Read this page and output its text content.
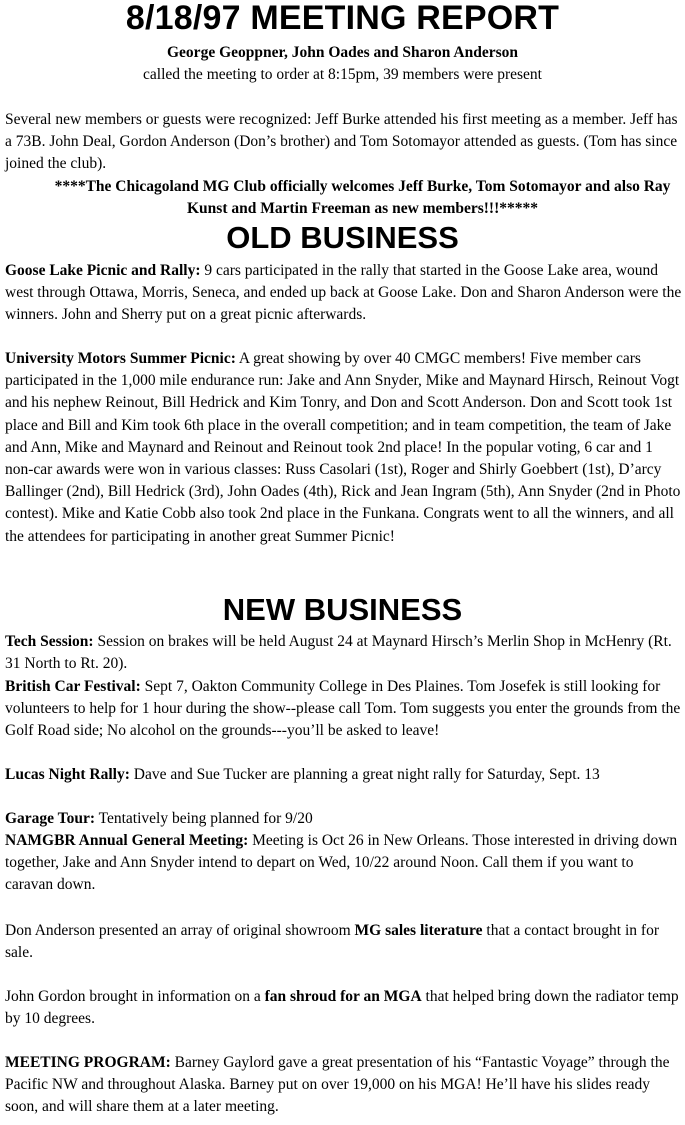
8/18/97 MEETING REPORT

George Geoppner, John Oades and Sharon Anderson

called the meeting to order at 8:15pm, 39 members were present

Several new members or guests were recognized: Jeff Burke attended his first meeting as a member. Jeff has a 73B. John Deal, Gordon Anderson (Don’s brother) and Tom Sotomayor attended as guests. (Tom has since joined the club).

****The Chicagoland MG Club officially welcomes Jeff Burke, Tom Sotomayor and also Ray Kunst and Martin Freeman as new members!!!*****

OLD BUSINESS

Goose Lake Picnic and Rally: 9 cars participated in the rally that started in the Goose Lake area, wound west through Ottawa, Morris, Seneca, and ended up back at Goose Lake. Don and Sharon Anderson were the winners. John and Sherry put on a great picnic afterwards.

University Motors Summer Picnic: A great showing by over 40 CMGC members! Five member cars participated in the 1,000 mile endurance run: Jake and Ann Snyder, Mike and Maynard Hirsch, Reinout Vogt and his nephew Reinout, Bill Hedrick and Kim Tonry, and Don and Scott Anderson. Don and Scott took 1st place and Bill and Kim took 6th place in the overall competition; and in team competition, the team of Jake and Ann, Mike and Maynard and Reinout and Reinout took 2nd place! In the popular voting, 6 car and 1 non-car awards were won in various classes: Russ Casolari (1st), Roger and Shirly Goebbert (1st), D’arcy Ballinger (2nd), Bill Hedrick (3rd), John Oades (4th), Rick and Jean Ingram (5th), Ann Snyder (2nd in Photo contest). Mike and Katie Cobb also took 2nd place in the Funkana. Congrats went to all the winners, and all the attendees for participating in another great Summer Picnic!

NEW BUSINESS

Tech Session: Session on brakes will be held August 24 at Maynard Hirsch’s Merlin Shop in McHenry (Rt. 31 North to Rt. 20).

British Car Festival: Sept 7, Oakton Community College in Des Plaines. Tom Josefek is still looking for volunteers to help for 1 hour during the show--please call Tom. Tom suggests you enter the grounds from the Golf Road side; No alcohol on the grounds---you’ll be asked to leave!

Lucas Night Rally: Dave and Sue Tucker are planning a great night rally for Saturday, Sept. 13

Garage Tour: Tentatively being planned for 9/20

NAMGBR Annual General Meeting: Meeting is Oct 26 in New Orleans. Those interested in driving down together, Jake and Ann Snyder intend to depart on Wed, 10/22 around Noon. Call them if you want to caravan down.

Don Anderson presented an array of original showroom MG sales literature that a contact brought in for sale.

John Gordon brought in information on a fan shroud for an MGA that helped bring down the radiator temp by 10 degrees.

MEETING PROGRAM: Barney Gaylord gave a great presentation of his “Fantastic Voyage” through the Pacific NW and throughout Alaska. Barney put on over 19,000 on his MGA! He’ll have his slides ready soon, and will share them at a later meeting.
